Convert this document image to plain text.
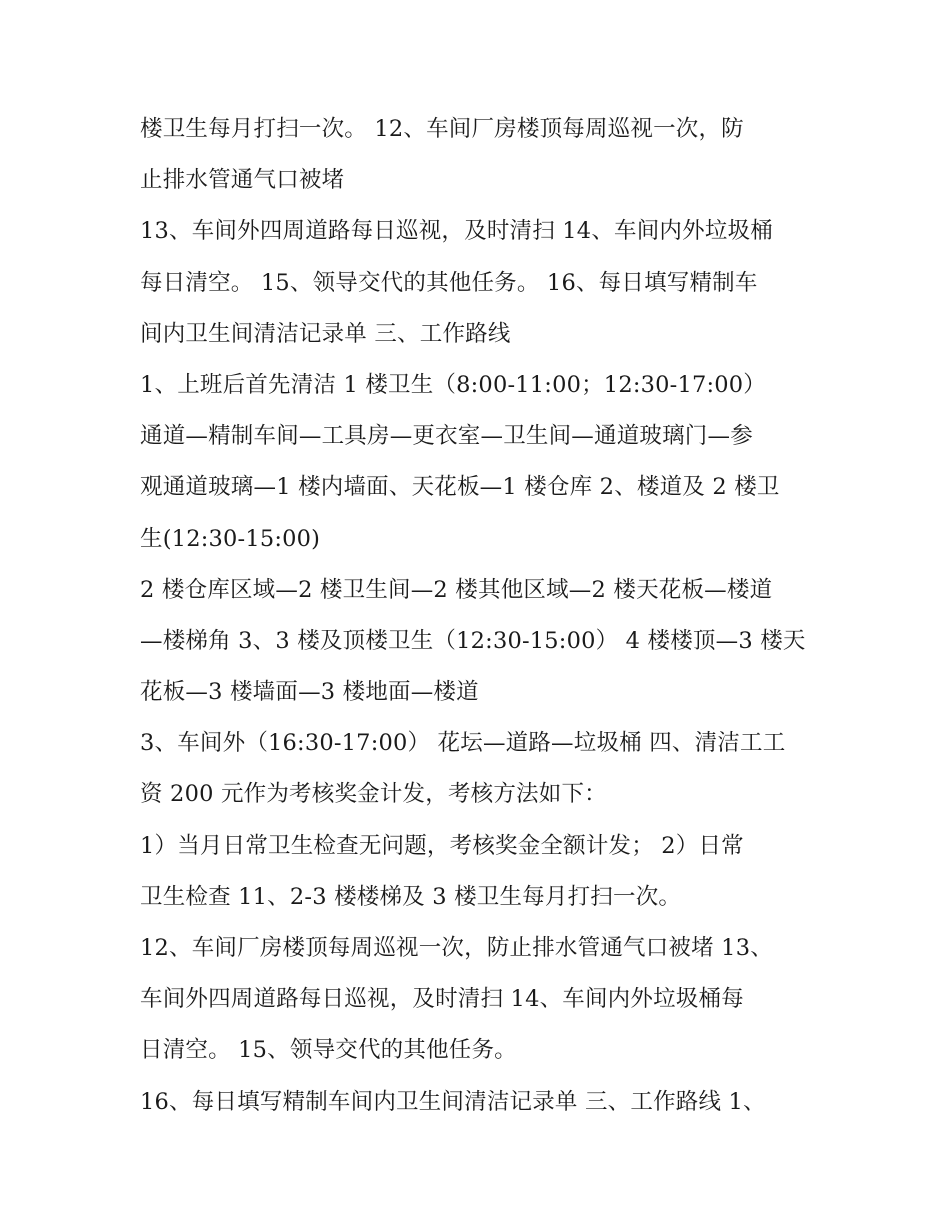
楼卫生每月打扫一次。 12、车间厂房楼顶每周巡视一次，防
止排水管通气口被堵
13、车间外四周道路每日巡视，及时清扫 14、车间内外垃圾桶
每日清空。 15、领导交代的其他任务。 16、每日填写精制车
间内卫生间清洁记录单 三、工作路线
1、上班后首先清洁 1 楼卫生（8:00-11:00；12:30-17:00）
通道—精制车间—工具房—更衣室—卫生间—通道玻璃门—参
观通道玻璃—1 楼内墙面、天花板—1 楼仓库 2、楼道及 2 楼卫
生(12:30-15:00)
2 楼仓库区域—2 楼卫生间—2 楼其他区域—2 楼天花板—楼道
—楼梯角 3、3 楼及顶楼卫生（12:30-15:00） 4 楼楼顶—3 楼天
花板—3 楼墙面—3 楼地面—楼道
3、车间外（16:30-17:00） 花坛—道路—垃圾桶 四、清洁工工
资 200 元作为考核奖金计发，考核方法如下：
1）当月日常卫生检查无问题，考核奖金全额计发； 2）日常
卫生检查 11、2-3 楼楼梯及 3 楼卫生每月打扫一次。
12、车间厂房楼顶每周巡视一次，防止排水管通气口被堵 13、
车间外四周道路每日巡视，及时清扫 14、车间内外垃圾桶每
日清空。 15、领导交代的其他任务。
16、每日填写精制车间内卫生间清洁记录单 三、工作路线 1、
